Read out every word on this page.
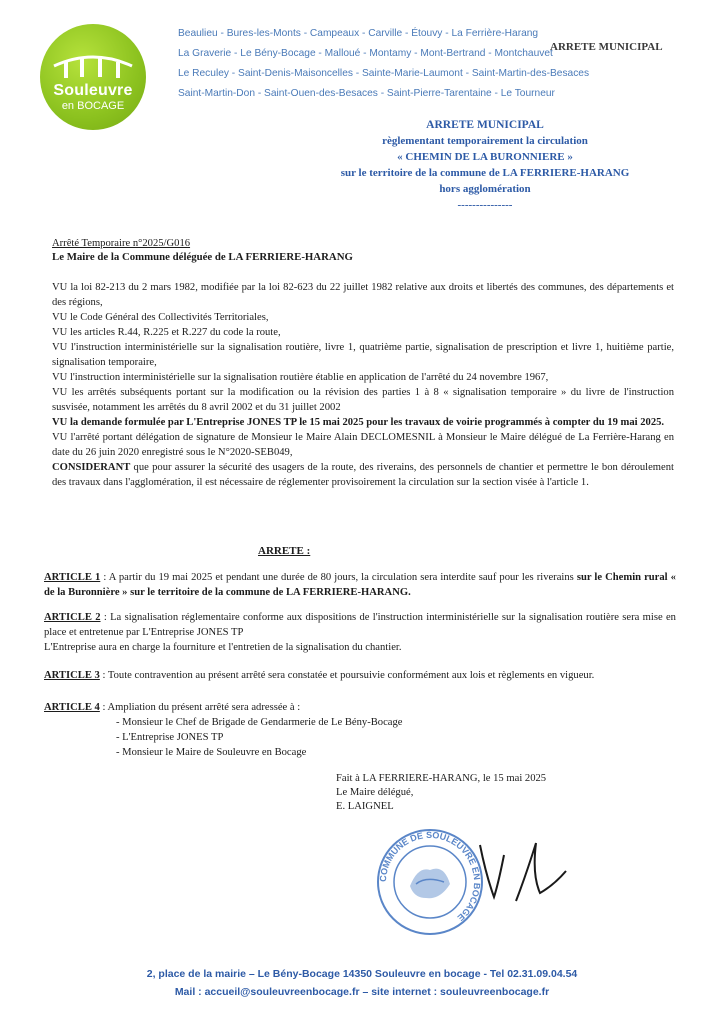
Souleuvre
en BOCAGE
Beaulieu - Bures-les-Monts - Campeaux - Carville - Étouvy - La Ferrière-Harang
La Graverie - Le Bény-Bocage - Malloué - Montamy - Mont-Bertrand - Montchauvet
Le Reculey - Saint-Denis-Maisoncelles - Sainte-Marie-Laumont - Saint-Martin-des-Besaces
Saint-Martin-Don - Saint-Ouen-des-Besaces - Saint-Pierre-Tarentaine - Le Tourneur
ARRETE MUNICIPAL
ARRETE MUNICIPAL
règlementant temporairement la circulation
« CHEMIN DE LA BURONNIERE »
sur le territoire de la commune de LA FERRIERE-HARANG
hors agglomération
---------------
Arrêté Temporaire n°2025/G016
Le Maire de la Commune déléguée de LA FERRIERE-HARANG

VU la loi 82-213 du 2 mars 1982, modifiée par la loi 82-623 du 22 juillet 1982 relative aux droits et libertés des communes, des départements et des régions,

VU le Code Général des Collectivités Territoriales,

VU les articles R.44, R.225 et R.227 du code la route,

VU l'instruction interministérielle sur la signalisation routière, livre 1, quatrième partie, signalisation de prescription et livre 1, huitième partie, signalisation temporaire,

VU l'instruction interministérielle sur la signalisation routière établie en application de l'arrêté du 24 novembre 1967,

VU les arrêtés subséquents portant sur la modification ou la révision des parties 1 à 8 « signalisation temporaire » du livre de l'instruction susvisée, notamment les arrêtés du 8 avril 2002 et du 31 juillet 2002

VU la demande formulée par L'Entreprise JONES TP le 15 mai 2025 pour les travaux de voirie programmés à compter du 19 mai 2025.

VU l'arrêté portant délégation de signature de Monsieur le Maire Alain DECLOMESNIL à Monsieur le Maire délégué de La Ferrière-Harang en date du 26 juin 2020 enregistré sous le N°2020-SEB049,

CONSIDERANT que pour assurer la sécurité des usagers de la route, des riverains, des personnels de chantier et permettre le bon déroulement des travaux dans l'agglomération, il est nécessaire de réglementer provisoirement la circulation sur la section visée à l'article 1.

ARRETE :
ARTICLE 1 : A partir du 19 mai 2025 et pendant une durée de 80 jours, la circulation sera interdite sauf pour les riverains sur le Chemin rural « de la Buronnière » sur le territoire de la commune de LA FERRIERE-HARANG.
ARTICLE 2 : La signalisation réglementaire conforme aux dispositions de l'instruction interministérielle sur la signalisation routière sera mise en place et entretenue par L'Entreprise JONES TP
L'Entreprise aura en charge la fourniture et l'entretien de la signalisation du chantier.
ARTICLE 3 : Toute contravention au présent arrêté sera constatée et poursuivie conformément aux lois et règlements en vigueur.
ARTICLE 4 : Ampliation du présent arrêté sera adressée à :
- Monsieur le Chef de Brigade de Gendarmerie de Le Bény-Bocage
- L'Entreprise JONES TP
- Monsieur le Maire de Souleuvre en Bocage
Fait à LA FERRIERE-HARANG, le 15 mai 2025
Le Maire délégué,
E. LAIGNEL
COMMUNE DE SOULEUVRE EN BOCAGE
2, place de la mairie – Le Bény-Bocage 14350 Souleuvre en bocage - Tel 02.31.09.04.54
Mail : accueil@souleuvreenbocage.fr – site internet : souleuvreenbocage.fr
